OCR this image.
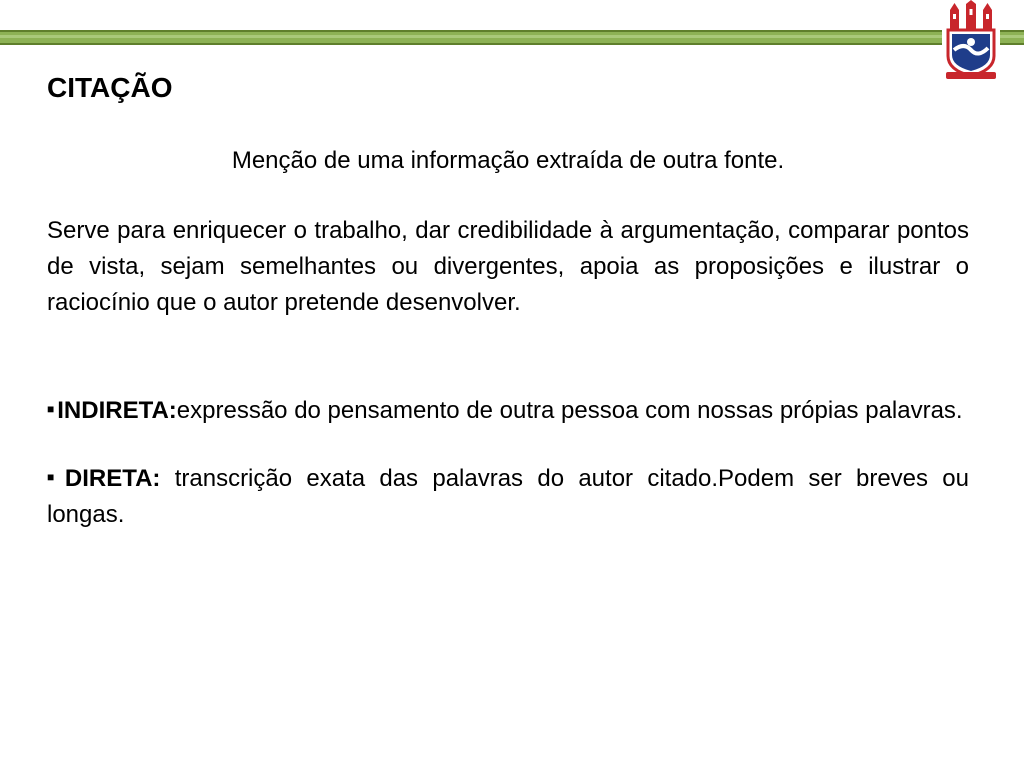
CITAÇÃO

Menção de uma informação extraída de outra fonte.

Serve para enriquecer o trabalho, dar credibilidade à argumentação, comparar pontos de vista, sejam semelhantes ou divergentes, apoia as proposições e ilustrar o raciocínio que o autor pretende desenvolver.

■ INDIRETA:expressão do pensamento de outra pessoa com nossas própias palavras.

■ DIRETA: transcrição exata das palavras do autor citado.Podem ser breves ou longas.
